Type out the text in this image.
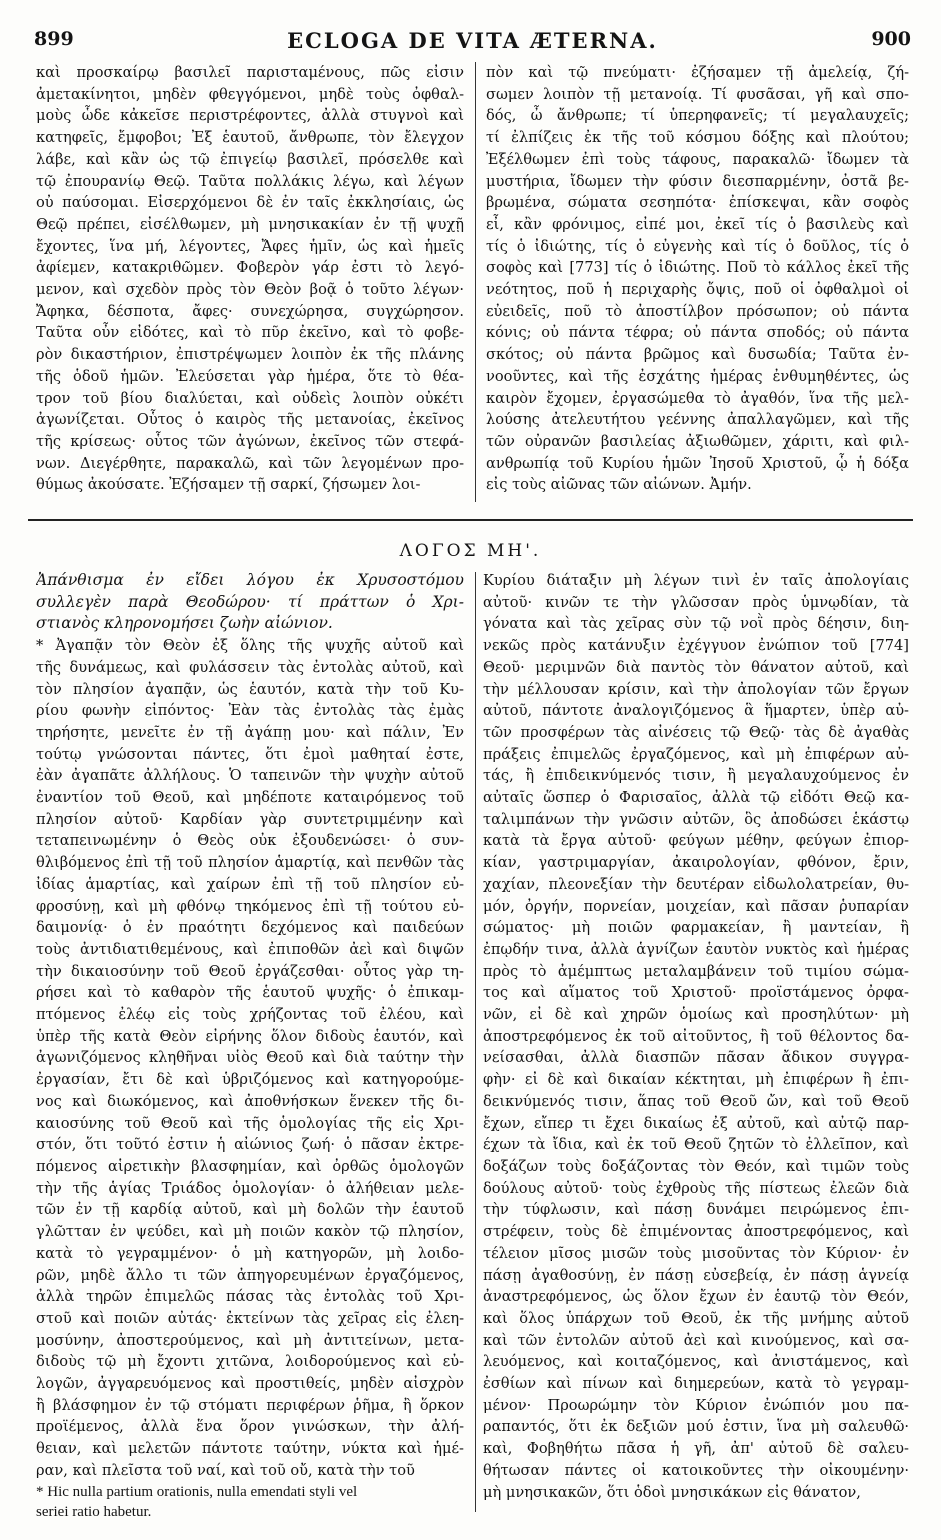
899	ECLOGA DE VITA ÆTERNA.	900

καὶ προσκαίρῳ βασιλεῖ παρισταμένους, πῶς εἰσιν

ἀμετακίνητοι, μηδὲν φθεγγόμενοι, μηδὲ τοὺς ὀφθαλ-

μοὺς ὧδε κἀκεῖσε περιστρέφοντες, ἀλλὰ στυγνοὶ καὶ

κατηφεῖς, ἔμφοβοι; Ἐξ ἑαυτοῦ, ἄνθρωπε, τὸν ἔλεγχον

λάβε, καὶ κἂν ὡς τῷ ἐπιγείῳ βασιλεῖ, πρόσελθε καὶ

τῷ ἐπουρανίῳ Θεῷ. Ταῦτα πολλάκις λέγω, καὶ λέγων

οὐ παύσομαι. Εἰσερχόμενοι δὲ ἐν ταῖς ἐκκλησίαις, ὡς

Θεῷ πρέπει, εἰσέλθωμεν, μὴ μνησικακίαν ἐν τῇ ψυχῇ

ἔχοντες, ἵνα μή, λέγοντες, Ἄφες ἡμῖν, ὡς καὶ ἡμεῖς

ἀφίεμεν, κατακριθῶμεν. Φοβερὸν γάρ ἐστι τὸ λεγό-

μενον, καὶ σχεδὸν πρὸς τὸν Θεὸν βοᾷ ὁ τοῦτο λέγων·

Ἄφηκα, δέσποτα, ἄφες· συνεχώρησα, συγχώρησον.

Ταῦτα οὖν εἰδότες, καὶ τὸ πῦρ ἐκεῖνο, καὶ τὸ φοβε-

ρὸν δικαστήριον, ἐπιστρέψωμεν λοιπὸν ἐκ τῆς πλάνης

τῆς ὁδοῦ ἡμῶν. Ἐλεύσεται γὰρ ἡμέρα, ὅτε τὸ θέα-

τρον τοῦ βίου διαλύεται, καὶ οὐδεὶς λοιπὸν οὐκέτι

ἀγωνίζεται. Οὗτος ὁ καιρὸς τῆς μετανοίας, ἐκεῖνος

τῆς κρίσεως· οὗτος τῶν ἀγώνων, ἐκεῖνος τῶν στεφά-

νων. Διεγέρθητε, παρακαλῶ, καὶ τῶν λεγομένων προ-

θύμως ἀκούσατε. Ἐζήσαμεν τῇ σαρκί, ζήσωμεν λοι-

πὸν καὶ τῷ πνεύματι· ἐζήσαμεν τῇ ἀμελείᾳ, ζή-

σωμεν λοιπὸν τῇ μετανοίᾳ. Τί φυσᾶσαι, γῆ καὶ σπο-

δός, ὦ ἄνθρωπε; τί ὑπερηφανεῖς; τί μεγαλαυχεῖς;

τί ἐλπίζεις ἐκ τῆς τοῦ κόσμου δόξης καὶ πλούτου;

Ἐξέλθωμεν ἐπὶ τοὺς τάφους, παρακαλῶ· ἴδωμεν τὰ

μυστήρια, ἴδωμεν τὴν φύσιν διεσπαρμένην, ὀστᾶ βε-

βρωμένα, σώματα σεσηπότα· ἐπίσκεψαι, κἂν σοφὸς

εἶ, κἂν φρόνιμος, εἰπέ μοι, ἐκεῖ τίς ὁ βασιλεὺς καὶ

τίς ὁ ἰδιώτης, τίς ὁ εὐγενὴς καὶ τίς ὁ δοῦλος, τίς ὁ

σοφὸς καὶ [773] τίς ὁ ἰδιώτης. Ποῦ τὸ κάλλος ἐκεῖ τῆς

νεότητος, ποῦ ἡ περιχαρὴς ὄψις, ποῦ οἱ ὀφθαλμοὶ οἱ

εὐειδεῖς, ποῦ τὸ ἀποστίλβον πρόσωπον; οὐ πάντα

κόνις; οὐ πάντα τέφρα; οὐ πάντα σποδός; οὐ πάντα

σκότος; οὐ πάντα βρῶμος καὶ δυσωδία; Ταῦτα ἐν-

νοοῦντες, καὶ τῆς ἐσχάτης ἡμέρας ἐνθυμηθέντες, ὡς

καιρὸν ἔχομεν, ἐργασώμεθα τὸ ἀγαθόν, ἵνα τῆς μελ-

λούσης ἀτελευτήτου γεέννης ἀπαλλαγῶμεν, καὶ τῆς

τῶν οὐρανῶν βασιλείας ἀξιωθῶμεν, χάριτι, καὶ φιλ-

ανθρωπίᾳ τοῦ Κυρίου ἡμῶν Ἰησοῦ Χριστοῦ, ᾧ ἡ δόξα

εἰς τοὺς αἰῶνας τῶν αἰώνων. Ἀμήν.

ΛΟΓΟΣ ΜΗ'.

Ἀπάνθισμα ἐν εἴδει λόγου ἐκ Χρυσοστόμου

συλλεγὲν παρὰ Θεοδώρου· τί πράττων ὁ Χρι-

στιανὸς κληρονομήσει ζωὴν αἰώνιον.

* Ἀγαπᾷν τὸν Θεὸν ἐξ ὅλης τῆς ψυχῆς αὐτοῦ καὶ

τῆς δυνάμεως, καὶ φυλάσσειν τὰς ἐντολὰς αὐτοῦ, καὶ

τὸν πλησίον ἀγαπᾷν, ὡς ἑαυτόν, κατὰ τὴν τοῦ Κυ-

ρίου φωνὴν εἰπόντος· Ἐὰν τὰς ἐντολὰς τὰς ἐμὰς

τηρήσητε, μενεῖτε ἐν τῇ ἀγάπῃ μου· καὶ πάλιν, Ἐν

τούτῳ γνώσονται πάντες, ὅτι ἐμοὶ μαθηταί ἐστε,

ἐὰν ἀγαπᾶτε ἀλλήλους. Ὁ ταπεινῶν τὴν ψυχὴν αὐτοῦ

ἐναντίον τοῦ Θεοῦ, καὶ μηδέποτε καταιρόμενος τοῦ

πλησίον αὐτοῦ· Καρδίαν γὰρ συντετριμμένην καὶ

τεταπεινωμένην ὁ Θεὸς οὐκ ἐξουδενώσει· ὁ συν-

θλιβόμενος ἐπὶ τῇ τοῦ πλησίον ἁμαρτίᾳ, καὶ πενθῶν τὰς

ἰδίας ἁμαρτίας, καὶ χαίρων ἐπὶ τῇ τοῦ πλησίον εὐ-

φροσύνῃ, καὶ μὴ φθόνῳ τηκόμενος ἐπὶ τῇ τούτου εὐ-

δαιμονίᾳ· ὁ ἐν πραότητι δεχόμενος καὶ παιδεύων

τοὺς ἀντιδιατιθεμένους, καὶ ἐπιποθῶν ἀεὶ καὶ διψῶν

τὴν δικαιοσύνην τοῦ Θεοῦ ἐργάζεσθαι· οὗτος γὰρ τη-

ρήσει καὶ τὸ καθαρὸν τῆς ἑαυτοῦ ψυχῆς· ὁ ἐπικαμ-

πτόμενος ἐλέῳ εἰς τοὺς χρήζοντας τοῦ ἐλέου, καὶ

ὑπὲρ τῆς κατὰ Θεὸν εἰρήνης ὅλον διδοὺς ἑαυτόν, καὶ

ἀγωνιζόμενος κληθῆναι υἱὸς Θεοῦ καὶ διὰ ταύτην τὴν

ἐργασίαν, ἔτι δὲ καὶ ὑβριζόμενος καὶ κατηγορούμε-

νος καὶ διωκόμενος, καὶ ἀποθνήσκων ἕνεκεν τῆς δι-

καιοσύνης τοῦ Θεοῦ καὶ τῆς ὁμολογίας τῆς εἰς Χρι-

στόν, ὅτι τοῦτό ἐστιν ἡ αἰώνιος ζωή· ὁ πᾶσαν ἐκτρε-

πόμενος αἱρετικὴν βλασφημίαν, καὶ ὀρθῶς ὁμολογῶν

τὴν τῆς ἁγίας Τριάδος ὁμολογίαν· ὁ ἀλήθειαν μελε-

τῶν ἐν τῇ καρδίᾳ αὐτοῦ, καὶ μὴ δολῶν τὴν ἑαυτοῦ

γλῶτταν ἐν ψεύδει, καὶ μὴ ποιῶν κακὸν τῷ πλησίον,

κατὰ τὸ γεγραμμένον· ὁ μὴ κατηγορῶν, μὴ λοιδο-

ρῶν, μηδὲ ἄλλο τι τῶν ἀπηγορευμένων ἐργαζόμενος,

ἀλλὰ τηρῶν ἐπιμελῶς πάσας τὰς ἐντολὰς τοῦ Χρι-

στοῦ καὶ ποιῶν αὐτάς· ἐκτείνων τὰς χεῖρας εἰς ἐλεη-

μοσύνην, ἀποστερούμενος, καὶ μὴ ἀντιτείνων, μετα-

διδοὺς τῷ μὴ ἔχοντι χιτῶνα, λοιδορούμενος καὶ εὐ-

λογῶν, ἀγγαρευόμενος καὶ προστιθείς, μηδὲν αἰσχρὸν

ἢ βλάσφημον ἐν τῷ στόματι περιφέρων ῥῆμα, ἢ ὅρκον

προϊέμενος, ἀλλὰ ἕνα ὅρον γινώσκων, τὴν ἀλή-

θειαν, καὶ μελετῶν πάντοτε ταύτην, νύκτα καὶ ἡμέ-

ραν, καὶ πλεῖστα τοῦ ναί, καὶ τοῦ οὔ, κατὰ τὴν τοῦ

* Hic nulla partium orationis, nulla emendati styli vel

seriei ratio habetur.

Κυρίου διάταξιν μὴ λέγων τινὶ ἐν ταῖς ἀπολογίαις

αὐτοῦ· κινῶν τε τὴν γλῶσσαν πρὸς ὑμνῳδίαν, τὰ

γόνατα καὶ τὰς χεῖρας σὺν τῷ νοῒ πρὸς δέησιν, διη-

νεκῶς πρὸς κατάνυξιν ἐχέγγυον ἐνώπιον τοῦ [774]

Θεοῦ· μεριμνῶν διὰ παντὸς τὸν θάνατον αὐτοῦ, καὶ

τὴν μέλλουσαν κρίσιν, καὶ τὴν ἀπολογίαν τῶν ἔργων

αὐτοῦ, πάντοτε ἀναλογιζόμενος ἃ ἥμαρτεν, ὑπὲρ αὐ-

τῶν προσφέρων τὰς αἰνέσεις τῷ Θεῷ· τὰς δὲ ἀγαθὰς

πράξεις ἐπιμελῶς ἐργαζόμενος, καὶ μὴ ἐπιφέρων αὐ-

τάς, ἢ ἐπιδεικνύμενός τισιν, ἢ μεγαλαυχούμενος ἐν

αὐταῖς ὥσπερ ὁ Φαρισαῖος, ἀλλὰ τῷ εἰδότι Θεῷ κα-

ταλιμπάνων τὴν γνῶσιν αὐτῶν, ὃς ἀποδώσει ἑκάστῳ

κατὰ τὰ ἔργα αὐτοῦ· φεύγων μέθην, φεύγων ἐπιορ-

κίαν, γαστριμαργίαν, ἀκαιρολογίαν, φθόνον, ἔριν,

χαχίαν, πλεονεξίαν τὴν δευτέραν εἰδωλολατρείαν, θυ-

μόν, ὀργήν, πορνείαν, μοιχείαν, καὶ πᾶσαν ῥυπαρίαν

σώματος· μὴ ποιῶν φαρμακείαν, ἢ μαντείαν, ἢ

ἐπῳδήν τινα, ἀλλὰ ἁγνίζων ἑαυτὸν νυκτὸς καὶ ἡμέρας

πρὸς τὸ ἀμέμπτως μεταλαμβάνειν τοῦ τιμίου σώμα-

τος καὶ αἵματος τοῦ Χριστοῦ· προϊστάμενος ὀρφα-

νῶν, εἰ δὲ καὶ χηρῶν ὁμοίως καὶ προσηλύτων· μὴ

ἀποστρεφόμενος ἐκ τοῦ αἰτοῦντος, ἢ τοῦ θέλοντος δα-

νείσασθαι, ἀλλὰ διασπῶν πᾶσαν ἄδικον συγγρα-

φὴν· εἰ δὲ καὶ δικαίαν κέκτηται, μὴ ἐπιφέρων ἢ ἐπι-

δεικνύμενός τισιν, ἅπας τοῦ Θεοῦ ὤν, καὶ τοῦ Θεοῦ

ἔχων, εἴπερ τι ἔχει δικαίως ἐξ αὐτοῦ, καὶ αὐτῷ παρ-

έχων τὰ ἴδια, καὶ ἐκ τοῦ Θεοῦ ζητῶν τὸ ἐλλεῖπον, καὶ

δοξάζων τοὺς δοξάζοντας τὸν Θεόν, καὶ τιμῶν τοὺς

δούλους αὐτοῦ· τοὺς ἐχθροὺς τῆς πίστεως ἐλεῶν διὰ

τὴν τύφλωσιν, καὶ πάσῃ δυνάμει πειρώμενος ἐπι-

στρέφειν, τοὺς δὲ ἐπιμένοντας ἀποστρεφόμενος, καὶ

τέλειον μῖσος μισῶν τοὺς μισοῦντας τὸν Κύριον· ἐν

πάσῃ ἀγαθοσύνῃ, ἐν πάσῃ εὐσεβείᾳ, ἐν πάσῃ ἁγνείᾳ

ἀναστρεφόμενος, ὡς ὅλον ἔχων ἐν ἑαυτῷ τὸν Θεόν,

καὶ ὅλος ὑπάρχων τοῦ Θεοῦ, ἐκ τῆς μνήμης αὐτοῦ

καὶ τῶν ἐντολῶν αὐτοῦ ἀεὶ καὶ κινούμενος, καὶ σα-

λευόμενος, καὶ κοιταζόμενος, καὶ ἀνιστάμενος, καὶ

ἐσθίων καὶ πίνων καὶ διημερεύων, κατὰ τὸ γεγραμ-

μένον· Προωρώμην τὸν Κύριον ἐνώπιόν μου πα-

ραπαντός, ὅτι ἐκ δεξιῶν μού ἐστιν, ἵνα μὴ σαλευθῶ·

καὶ, Φοβηθήτω πᾶσα ἡ γῆ, ἀπ' αὐτοῦ δὲ σαλευ-

θήτωσαν πάντες οἱ κατοικοῦντες τὴν οἰκουμένην·

μὴ μνησικακῶν, ὅτι ὁδοὶ μνησικάκων εἰς θάνατον,
